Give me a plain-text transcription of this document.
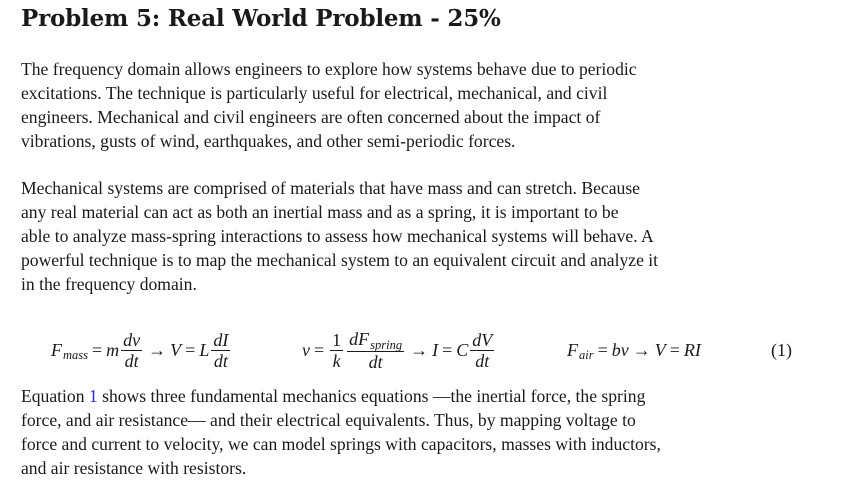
Problem 5: Real World Problem - 25%

The frequency domain allows engineers to explore how systems behave due to periodic
excitations. The technique is particularly useful for electrical, mechanical, and civil
engineers. Mechanical and civil engineers are often concerned about the impact of
vibrations, gusts of wind, earthquakes, and other semi-periodic forces.

Mechanical systems are comprised of materials that have mass and can stretch. Because
any real material can act as both an inertial mass and as a spring, it is important to be
able to analyze mass-spring interactions to assess how mechanical systems will behave. A
powerful technique is to map the mechanical system to an equivalent circuit and analyze it
in the frequency domain.

F mass = m $\frac{dv}{dt} \to V = L \frac{dI}{dt}$	$v = \frac{1}{k} \frac{dF_{spring}}{dt} \to I = C \frac{dV}{dt}$	F air = bv → V = RI	(1)

Equation 1 shows three fundamental mechanics equations —the inertial force, the spring
force, and air resistance— and their electrical equivalents. Thus, by mapping voltage to
force and current to velocity, we can model springs with capacitors, masses with inductors,
and air resistance with resistors.
